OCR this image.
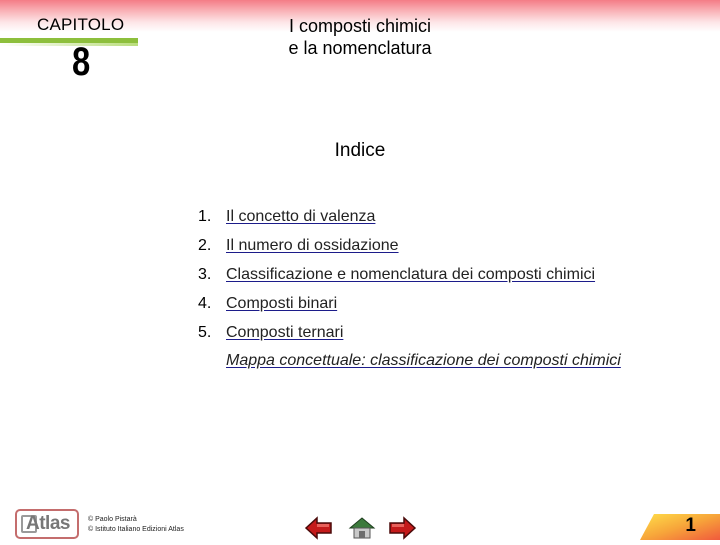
CAPITOLO
8
I composti chimici
e la nomenclatura
Indice
1. Il concetto di valenza
2. Il numero di ossidazione
3. Classificazione e nomenclatura dei composti chimici
4. Composti binari
5. Composti ternari
Mappa concettuale: classificazione dei composti chimici
Atlas	© Paolo Pistarà
© Istituto Italiano Edizioni Atlas	1
